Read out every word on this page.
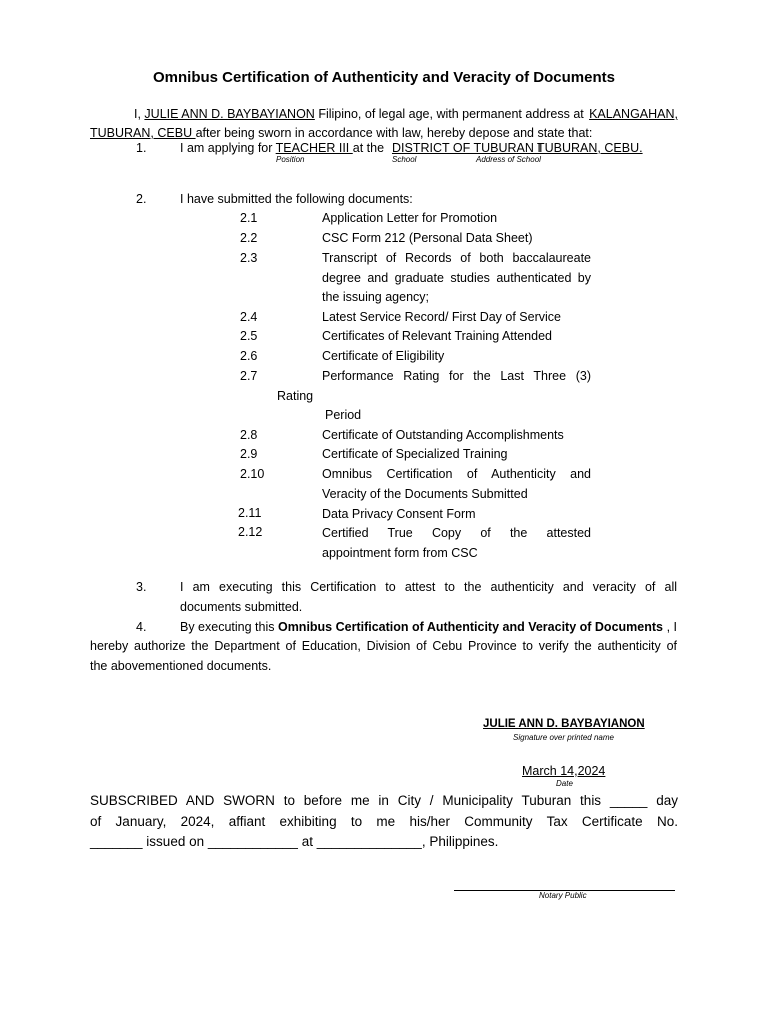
Omnibus Certification of Authenticity and Veracity of Documents
I, JULIE ANN D. BAYBAYIANON Filipino, of legal age, with permanent address at KALANGAHAN,
TUBURAN, CEBU after being sworn in accordance with law, hereby depose and state that:
1.	I am applying for TEACHER III at the DISTRICT OF TUBURAN I
TUBURAN, CEBU.
Position	School	Address of School
2.	I have submitted the following documents:
2.1	Application Letter for Promotion
2.2	CSC Form 212 (Personal Data Sheet)
2.3	Transcript of Records of both baccalaureate
degree and graduate studies authenticated by
the issuing agency;
2.4	Latest Service Record/ First Day of Service
2.5	Certificates of Relevant Training Attended
2.6	Certificate of Eligibility
2.7	Performance Rating for the Last Three (3)
Rating
Period
2.8	Certificate of Outstanding Accomplishments
2.9	Certificate of Specialized Training
2.10	Omnibus Certification of Authenticity and
Veracity of the Documents Submitted
2.11	Data Privacy Consent Form
2.12	Certified True Copy of the attested
appointment form from CSC
3.	I am executing this Certification to attest to the authenticity and veracity of all
documents submitted.
4.	By executing this Omnibus Certification of Authenticity and Veracity of Documents , I
hereby authorize the Department of Education, Division of Cebu Province to verify the authenticity of
the abovementioned documents.
JULIE ANN D. BAYBAYIANON
Signature over printed name
March 14,2024
Date
SUBSCRIBED AND SWORN to before me in City / Municipality Tuburan this _____ day
of January, 2024, affiant exhibiting to me his/her Community Tax Certificate No.
_______ issued on ____________ at ______________, Philippines.
Notary Public
